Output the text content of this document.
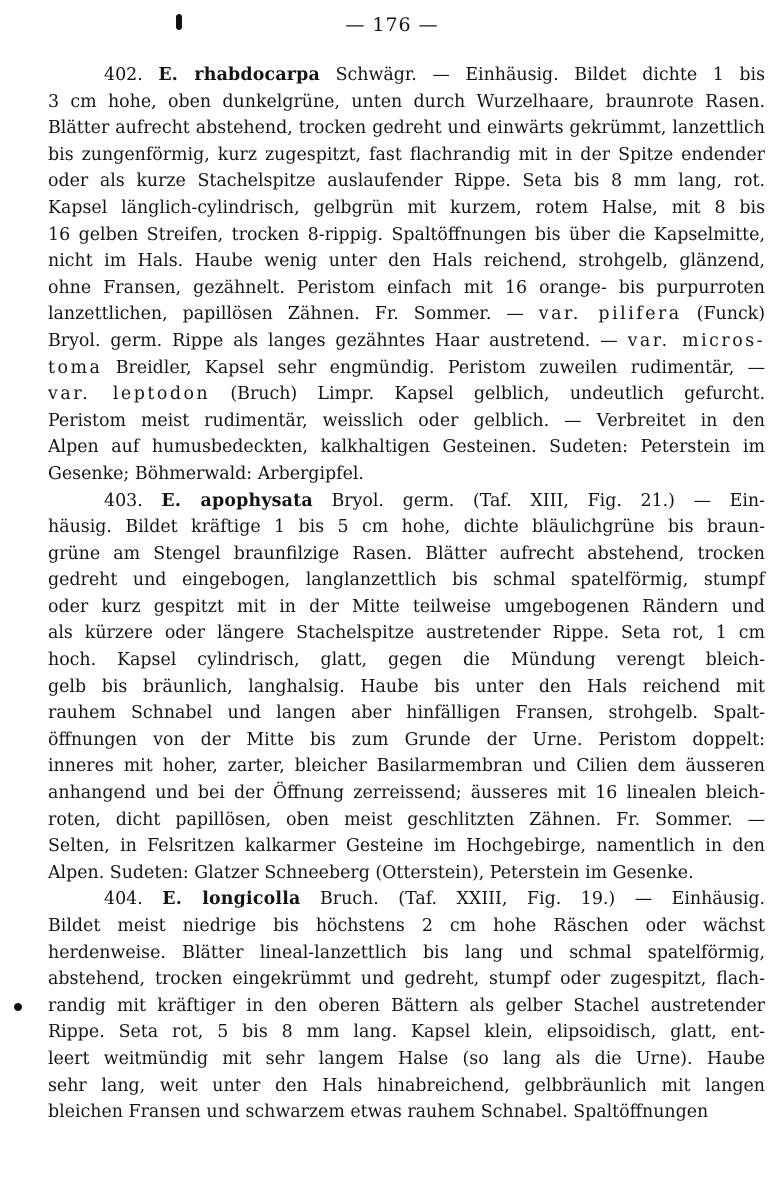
— 176 —
402. E. rhabdocarpa Schwägr. — Einhäusig. Bildet dichte 1 bis
3 cm hohe, oben dunkelgrüne, unten durch Wurzelhaare, braunrote Rasen.
Blätter aufrecht abstehend, trocken gedreht und einwärts gekrümmt, lanzettlich
bis zungenförmig, kurz zugespitzt, fast flachrandig mit in der Spitze endender
oder als kurze Stachelspitze auslaufender Rippe. Seta bis 8 mm lang, rot.
Kapsel länglich-cylindrisch, gelbgrün mit kurzem, rotem Halse, mit 8 bis
16 gelben Streifen, trocken 8-rippig. Spaltöffnungen bis über die Kapselmitte,
nicht im Hals. Haube wenig unter den Hals reichend, strohgelb, glänzend,
ohne Fransen, gezähnelt. Peristom einfach mit 16 orange- bis purpurroten
lanzettlichen, papillösen Zähnen. Fr. Sommer. — var. pilifera (Funck)
Bryol. germ. Rippe als langes gezähntes Haar austretend. — var. micros-
toma Breidler, Kapsel sehr engmündig. Peristom zuweilen rudimentär, —
var. leptodon (Bruch) Limpr. Kapsel gelblich, undeutlich gefurcht.
Peristom meist rudimentär, weisslich oder gelblich. — Verbreitet in den
Alpen auf humusbedeckten, kalkhaltigen Gesteinen. Sudeten: Peterstein im
Gesenke; Böhmerwald: Arbergipfel.
403. E. apophysata Bryol. germ. (Taf. XIII, Fig. 21.) — Ein-
häusig. Bildet kräftige 1 bis 5 cm hohe, dichte bläulichgrüne bis braun-
grüne am Stengel braunfilzige Rasen. Blätter aufrecht abstehend, trocken
gedreht und eingebogen, langlanzettlich bis schmal spatelförmig, stumpf
oder kurz gespitzt mit in der Mitte teilweise umgebogenen Rändern und
als kürzere oder längere Stachelspitze austretender Rippe. Seta rot, 1 cm
hoch. Kapsel cylindrisch, glatt, gegen die Mündung verengt bleich-
gelb bis bräunlich, langhalsig. Haube bis unter den Hals reichend mit
rauhem Schnabel und langen aber hinfälligen Fransen, strohgelb. Spalt-
öffnungen von der Mitte bis zum Grunde der Urne. Peristom doppelt:
inneres mit hoher, zarter, bleicher Basilarmembran und Cilien dem äusseren
anhangend und bei der Öffnung zerreissend; äusseres mit 16 linealen bleich-
roten, dicht papillösen, oben meist geschlitzten Zähnen. Fr. Sommer. —
Selten, in Felsritzen kalkarmer Gesteine im Hochgebirge, namentlich in den
Alpen. Sudeten: Glatzer Schneeberg (Otterstein), Peterstein im Gesenke.
404. E. longicolla Bruch. (Taf. XXIII, Fig. 19.) — Einhäusig.
Bildet meist niedrige bis höchstens 2 cm hohe Räschen oder wächst
herdenweise. Blätter lineal-lanzettlich bis lang und schmal spatelförmig,
abstehend, trocken eingekrümmt und gedreht, stumpf oder zugespitzt, flach-
randig mit kräftiger in den oberen Bättern als gelber Stachel austretender
Rippe. Seta rot, 5 bis 8 mm lang. Kapsel klein, elipsoidisch, glatt, ent-
leert weitmündig mit sehr langem Halse (so lang als die Urne). Haube
sehr lang, weit unter den Hals hinabreichend, gelbbräunlich mit langen
bleichen Fransen und schwarzem etwas rauhem Schnabel. Spaltöffnungen
